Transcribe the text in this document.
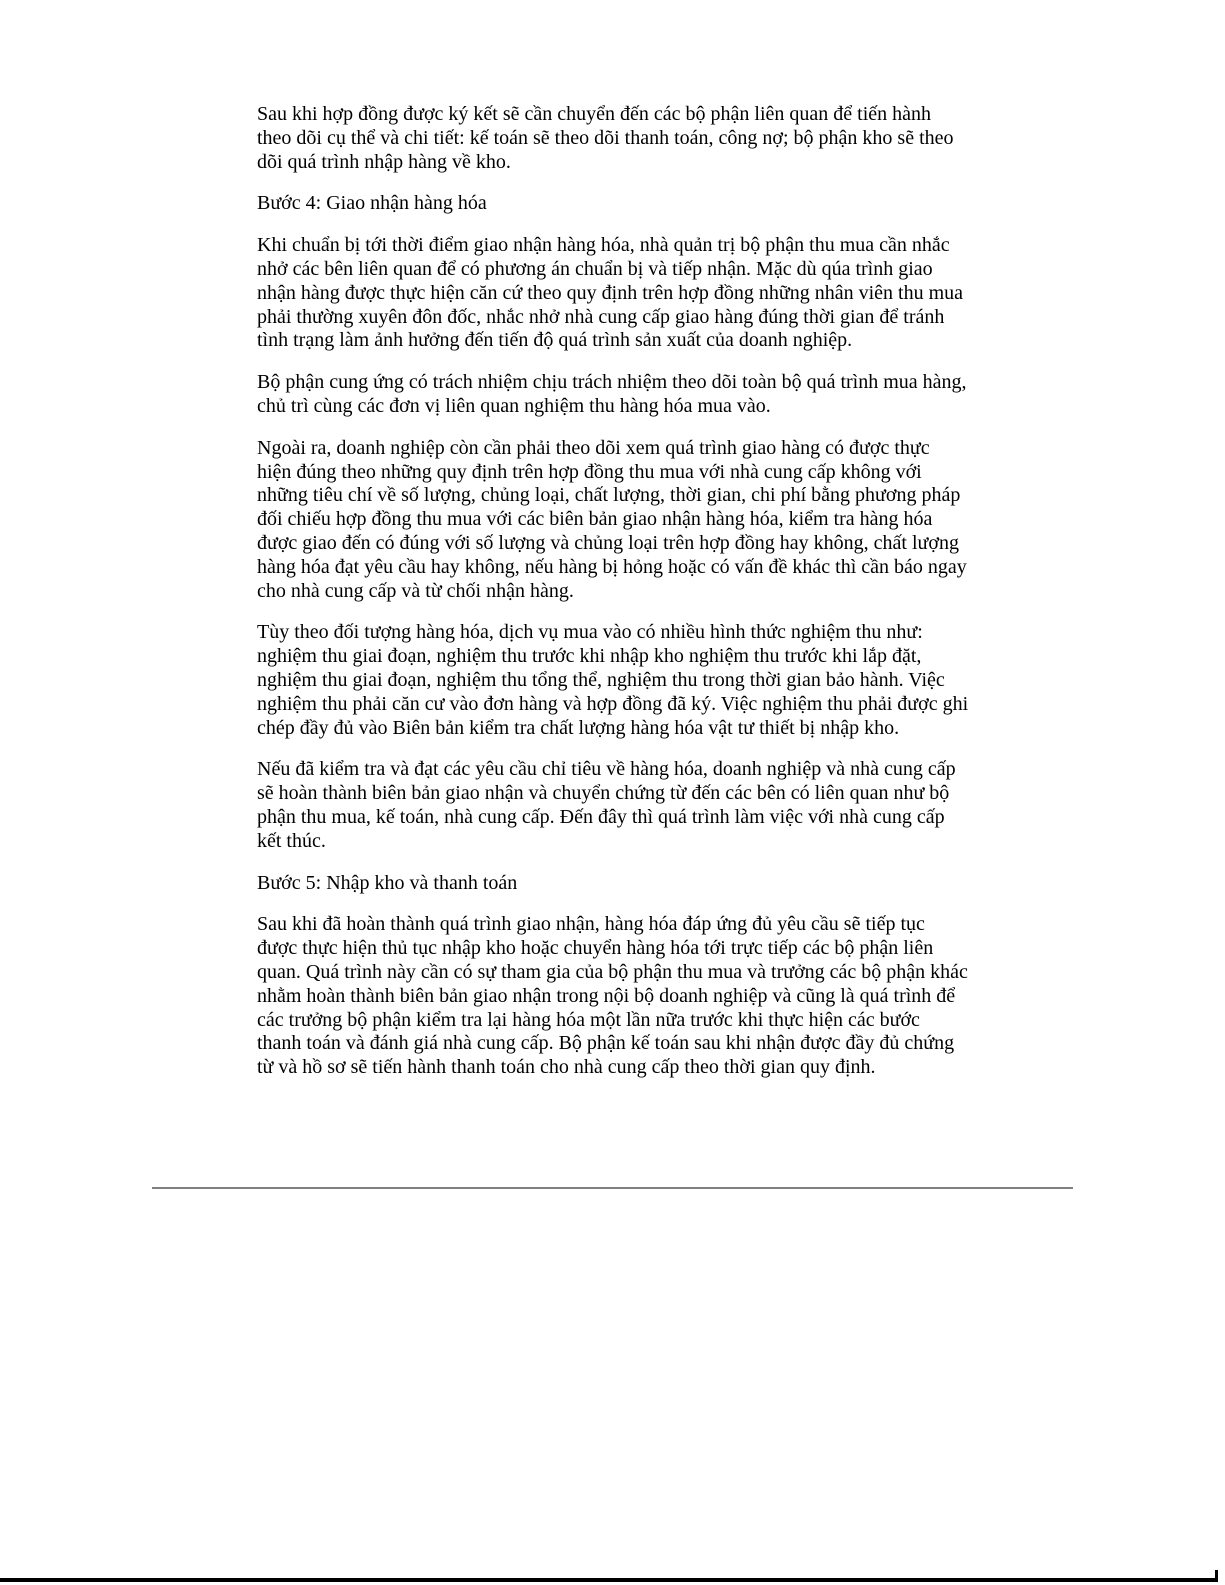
Sau khi hợp đồng được ký kết sẽ cần chuyển đến các bộ phận liên quan để tiến hành theo dõi cụ thể và chi tiết: kế toán sẽ theo dõi thanh toán, công nợ; bộ phận kho sẽ theo dõi quá trình nhập hàng về kho.

Bước 4: Giao nhận hàng hóa

Khi chuẩn bị tới thời điểm giao nhận hàng hóa, nhà quản trị bộ phận thu mua cần nhắc nhở các bên liên quan để có phương án chuẩn bị và tiếp nhận. Mặc dù qúa trình giao nhận hàng được thực hiện căn cứ theo quy định trên hợp đồng những nhân viên thu mua phải thường xuyên đôn đốc, nhắc nhở nhà cung cấp giao hàng đúng thời gian để tránh tình trạng làm ảnh hưởng đến tiến độ quá trình sản xuất của doanh nghiệp.

Bộ phận cung ứng có trách nhiệm chịu trách nhiệm theo dõi toàn bộ quá trình mua hàng, chủ trì cùng các đơn vị liên quan nghiệm thu hàng hóa mua vào.

Ngoài ra, doanh nghiệp còn cần phải theo dõi xem quá trình giao hàng có được thực hiện đúng theo những quy định trên hợp đồng thu mua với nhà cung cấp không với những tiêu chí về số lượng, chủng loại, chất lượng, thời gian, chi phí bằng phương pháp đối chiếu hợp đồng thu mua với các biên bản giao nhận hàng hóa, kiểm tra hàng hóa được giao đến có đúng với số lượng và chủng loại trên hợp đồng hay không, chất lượng hàng hóa đạt yêu cầu hay không, nếu hàng bị hỏng hoặc có vấn đề khác thì cần báo ngay cho nhà cung cấp và từ chối nhận hàng.

Tùy theo đối tượng hàng hóa, dịch vụ mua vào có nhiều hình thức nghiệm thu như: nghiệm thu giai đoạn, nghiệm thu trước khi nhập kho nghiệm thu trước khi lắp đặt, nghiệm thu giai đoạn, nghiệm thu tổng thể, nghiệm thu trong thời gian bảo hành. Việc nghiệm thu phải căn cư vào đơn hàng và hợp đồng đã ký. Việc nghiệm thu phải được ghi chép đầy đủ vào Biên bản kiểm tra chất lượng hàng hóa vật tư thiết bị nhập kho.

Nếu đã kiểm tra và đạt các yêu cầu chỉ tiêu về hàng hóa, doanh nghiệp và nhà cung cấp sẽ hoàn thành biên bản giao nhận và chuyển chứng từ đến các bên có liên quan như bộ phận thu mua, kế toán, nhà cung cấp. Đến đây thì quá trình làm việc với nhà cung cấp kết thúc.

Bước 5: Nhập kho và thanh toán

Sau khi đã hoàn thành quá trình giao nhận, hàng hóa đáp ứng đủ yêu cầu sẽ tiếp tục được thực hiện thủ tục nhập kho hoặc chuyển hàng hóa tới trực tiếp các bộ phận liên quan. Quá trình này cần có sự tham gia của bộ phận thu mua và trưởng các bộ phận khác nhằm hoàn thành biên bản giao nhận trong nội bộ doanh nghiệp và cũng là quá trình để các trưởng bộ phận kiểm tra lại hàng hóa một lần nữa trước khi thực hiện các bước thanh toán và đánh giá nhà cung cấp. Bộ phận kế toán sau khi nhận được đầy đủ chứng từ và hồ sơ sẽ tiến hành thanh toán cho nhà cung cấp theo thời gian quy định.
